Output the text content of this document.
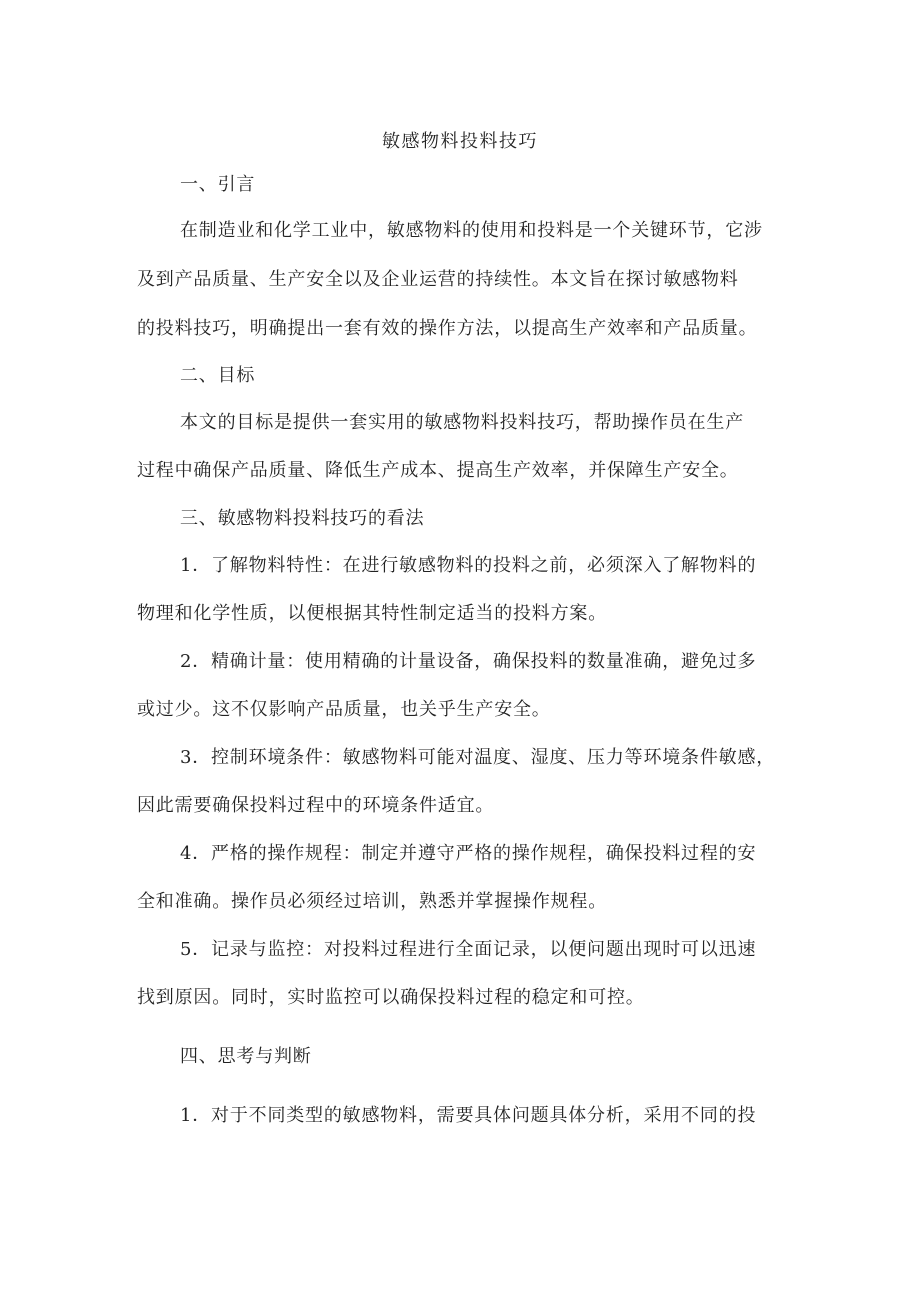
敏感物料投料技巧
一、引言
在制造业和化学工业中，敏感物料的使用和投料是一个关键环节，它涉
及到产品质量、生产安全以及企业运营的持续性。本文旨在探讨敏感物料
的投料技巧，明确提出一套有效的操作方法，以提高生产效率和产品质量。
二、目标
本文的目标是提供一套实用的敏感物料投料技巧，帮助操作员在生产
过程中确保产品质量、降低生产成本、提高生产效率，并保障生产安全。
三、敏感物料投料技巧的看法
1．了解物料特性：在进行敏感物料的投料之前，必须深入了解物料的
物理和化学性质，以便根据其特性制定适当的投料方案。
2．精确计量：使用精确的计量设备，确保投料的数量准确，避免过多
或过少。这不仅影响产品质量，也关乎生产安全。
3．控制环境条件：敏感物料可能对温度、湿度、压力等环境条件敏感，
因此需要确保投料过程中的环境条件适宜。
4．严格的操作规程：制定并遵守严格的操作规程，确保投料过程的安
全和准确。操作员必须经过培训，熟悉并掌握操作规程。
5．记录与监控：对投料过程进行全面记录，以便问题出现时可以迅速
找到原因。同时，实时监控可以确保投料过程的稳定和可控。
四、思考与判断
1．对于不同类型的敏感物料，需要具体问题具体分析，采用不同的投
